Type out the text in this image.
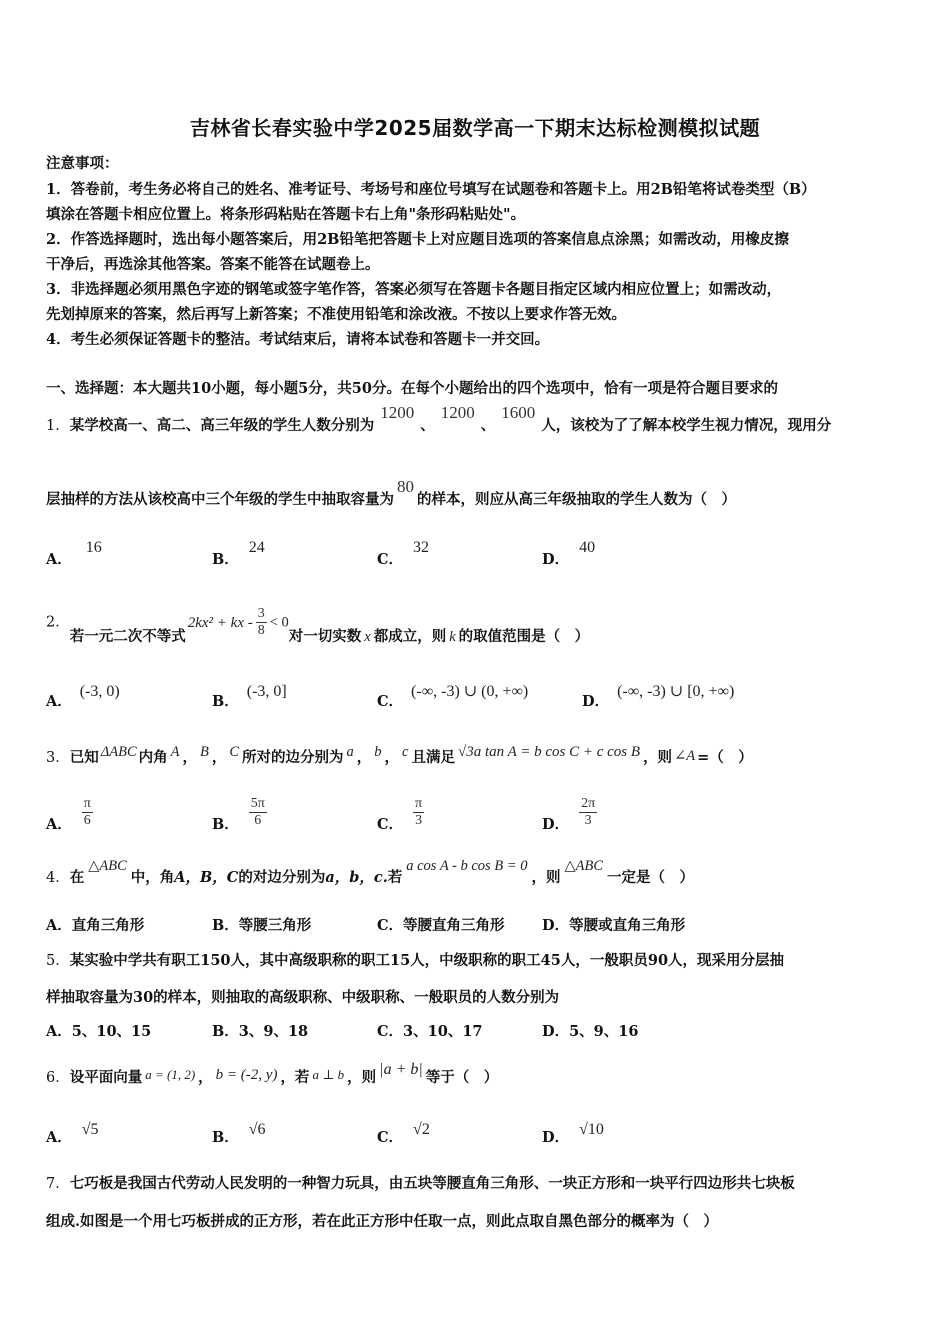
吉林省长春实验中学2025届数学高一下期末达标检测模拟试题
注意事项：
1．答卷前，考生务必将自己的姓名、准考证号、考场号和座位号填写在试题卷和答题卡上。用2B铅笔将试卷类型（B）
填涂在答题卡相应位置上。将条形码粘贴在答题卡右上角"条形码粘贴处"。
2．作答选择题时，选出每小题答案后，用2B铅笔把答题卡上对应题目选项的答案信息点涂黑；如需改动，用橡皮擦
干净后，再选涂其他答案。答案不能答在试题卷上。
3．非选择题必须用黑色字迹的钢笔或签字笔作答，答案必须写在答题卡各题目指定区域内相应位置上；如需改动，
先划掉原来的答案，然后再写上新答案；不准使用铅笔和涂改液。不按以上要求作答无效。
4．考生必须保证答题卡的整洁。考试结束后，请将本试卷和答题卡一并交回。
一、选择题：本大题共10小题，每小题5分，共50分。在每个小题给出的四个选项中，恰有一项是符合题目要求的
1．某学校高一、高二、高三年级的学生人数分别为1200、1200、1600人，该校为了了解本校学生视力情况，现用分
层抽样的方法从该校高中三个年级的学生中抽取容量为80的样本，则应从高三年级抽取的学生人数为（　）
A．16
B．24
C．32
D．40
2．若一元二次不等式2kx² + kx - $\frac{3}{8} < 0$对一切实数 x 都成立，则 k 的取值范围是（　）
A．(-3, 0)
B．(-3, 0]
C．(-∞, -3) ∪ (0, +∞)
D．(-∞, -3) ∪ [0, +∞)
3．已知 ΔABC 内角 A ， B ， C 所对的边分别为 a ， b ， c 且满足 √3a tan A = b cos C + c cos B ，则 ∠A =（　）
A． $\frac{\pi}{6}$	B． $\frac{5\pi}{6}$	C． $\frac{\pi}{3}$	D． $\frac{2\pi}{3}$
4．在△ABC中，角A，B，C的对边分别为a，b，c.若a cos A - b cos B = 0，则△ABC一定是（　）
A．直角三角形	B．等腰三角形	C．等腰直角三角形	D．等腰或直角三角形
5．某实验中学共有职工150人，其中高级职称的职工15人，中级职称的职工45人，一般职员90人，现采用分层抽
样抽取容量为30的样本，则抽取的高级职称、中级职称、一般职员的人数分别为
A．5、10、15	B．3、9、18	C．3、10、17	D．5、9、16
6．设平面向量 a = (1, 2) ， b = (-2, y) ，若 a ⊥ b ，则 |a + b| 等于（　）
A． √5	B． √6	C． √2	D． √10
7．七巧板是我国古代劳动人民发明的一种智力玩具，由五块等腰直角三角形、一块正方形和一块平行四边形共七块板
组成.如图是一个用七巧板拼成的正方形，若在此正方形中任取一点，则此点取自黑色部分的概率为（　）
